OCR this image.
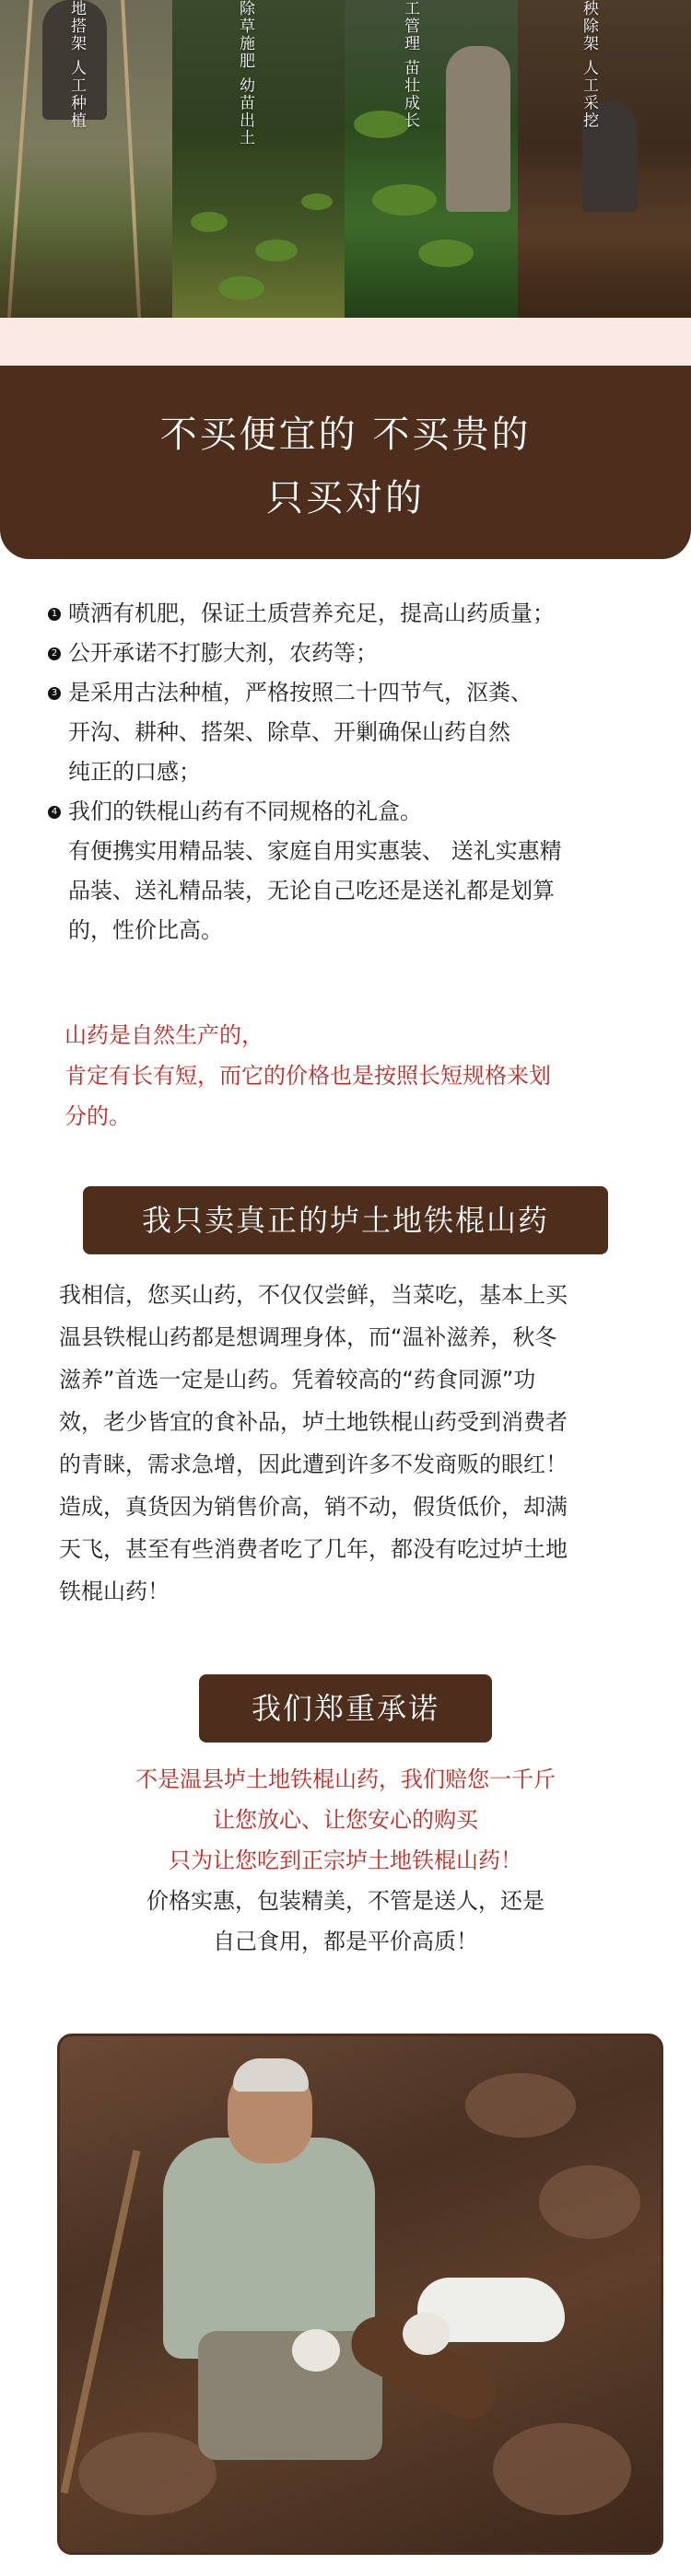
地搭架 人工种植	除草施肥 幼苗出土	工管理 苗壮成长	秧除架 人工采挖
不买便宜的 不买贵的
只买对的
1 喷洒有机肥，保证土质营养充足，提高山药质量；
2 公开承诺不打膨大剂，农药等；
3 是采用古法种植，严格按照二十四节气，沤粪、
开沟、耕种、搭架、除草、开剿确保山药自然
纯正的口感；
4 我们的铁棍山药有不同规格的礼盒。
有便携实用精品装、家庭自用实惠装、 送礼实惠精
品装、送礼精品装，无论自己吃还是送礼都是划算
的，性价比高。
山药是自然生产的，
肯定有长有短，而它的价格也是按照长短规格来划
分的。
我只卖真正的垆土地铁棍山药
我相信，您买山药，不仅仅尝鲜，当菜吃，基本上买
温县铁棍山药都是想调理身体，而“温补滋养，秋冬
滋养”首选一定是山药。凭着较高的“药食同源”功
效，老少皆宜的食补品，垆土地铁棍山药受到消费者
的青睐，需求急增，因此遭到许多不发商贩的眼红！
造成，真货因为销售价高，销不动，假货低价，却满
天飞，甚至有些消费者吃了几年，都没有吃过垆土地
铁棍山药！
我们郑重承诺
不是温县垆土地铁棍山药，我们赔您一千斤
让您放心、让您安心的购买
只为让您吃到正宗垆土地铁棍山药！
价格实惠，包装精美，不管是送人，还是
自己食用，都是平价高质！
